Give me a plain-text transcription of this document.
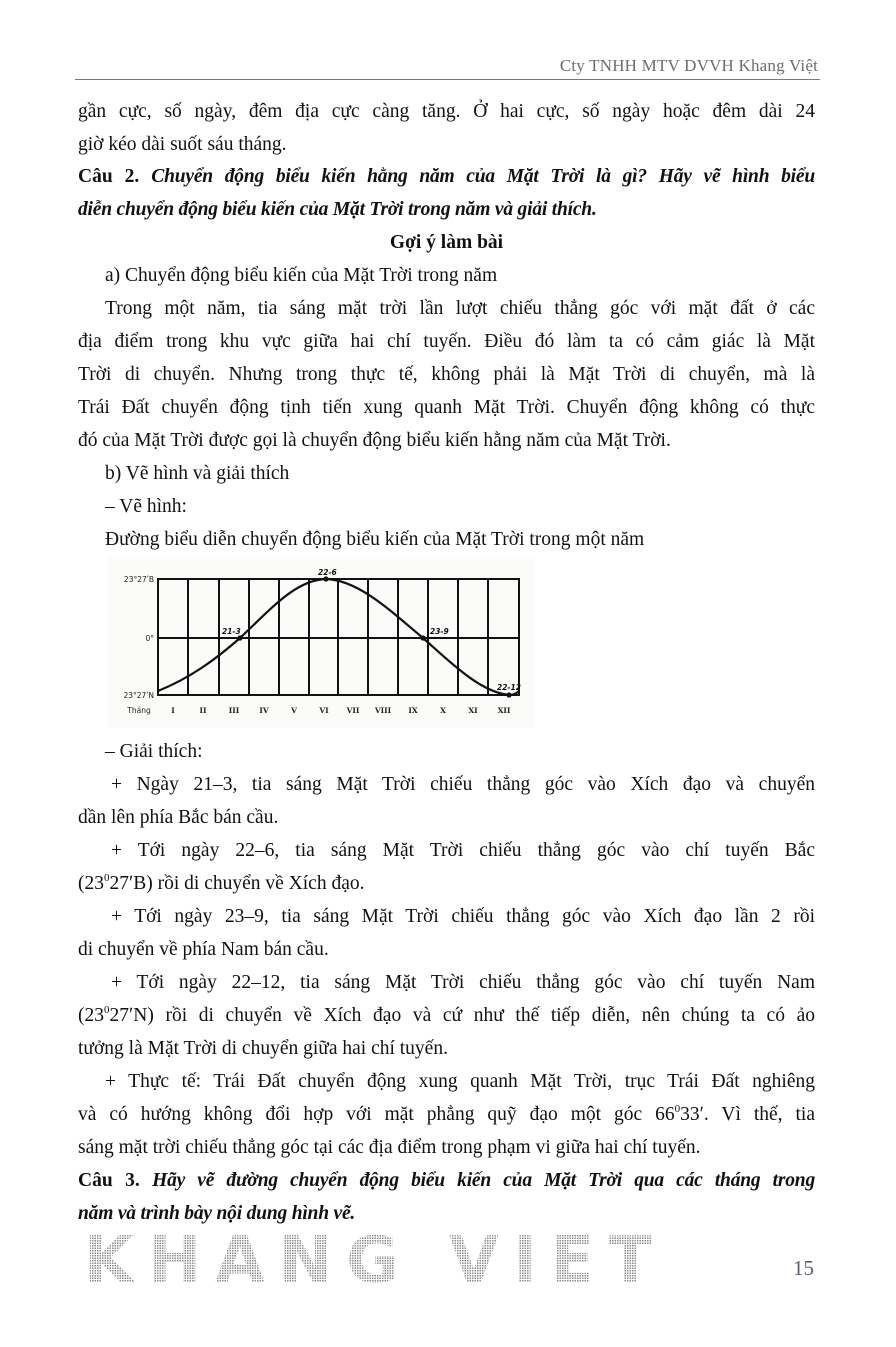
Cty TNHH MTV DVVH Khang Việt
gần cực, số ngày, đêm địa cực càng tăng. Ở hai cực, số ngày hoặc đêm dài 24
giờ kéo dài suốt sáu tháng.
Câu 2. Chuyển động biểu kiến hằng năm của Mặt Trời là gì? Hãy vẽ hình biểu
diễn chuyển động biểu kiến của Mặt Trời trong năm và giải thích.
Gợi ý làm bài
a) Chuyển động biểu kiến của Mặt Trời trong năm
Trong một năm, tia sáng mặt trời lần lượt chiếu thẳng góc với mặt đất ở các
địa điểm trong khu vực giữa hai chí tuyến. Điều đó làm ta có cảm giác là Mặt
Trời di chuyển. Nhưng trong thực tế, không phải là Mặt Trời di chuyển, mà là
Trái Đất chuyển động tịnh tiến xung quanh Mặt Trời. Chuyển động không có thực
đó của Mặt Trời được gọi là chuyển động biểu kiến hằng năm của Mặt Trời.
b) Vẽ hình và giải thích
– Vẽ hình:
Đường biểu diễn chuyển động biểu kiến của Mặt Trời trong một năm
21-3
22-6
23-9
22-12
23°27ʹB
0°
23°27ʹN
Tháng	I	II	III	IV	V	VI VII VIII IX	X	XI	XII
– Giải thích:
+ Ngày 21–3, tia sáng Mặt Trời chiếu thẳng góc vào Xích đạo và chuyển
dần lên phía Bắc bán cầu.
+ Tới ngày 22–6, tia sáng Mặt Trời chiếu thẳng góc vào chí tuyến Bắc
$(23^027ʹB)$ rồi di chuyển về Xích đạo.
+ Tới ngày 23–9, tia sáng Mặt Trời chiếu thẳng góc vào Xích đạo lần 2 rồi
di chuyển về phía Nam bán cầu.
+ Tới ngày 22–12, tia sáng Mặt Trời chiếu thẳng góc vào chí tuyến Nam
$(23^027ʹN)$ rồi di chuyển về Xích đạo và cứ như thế tiếp diễn, nên chúng ta có ảo
tưởng là Mặt Trời di chuyển giữa hai chí tuyến.
+ Thực tế: Trái Đất chuyển động xung quanh Mặt Trời, trục Trái Đất nghiêng
và có hướng không đổi hợp với mặt phẳng quỹ đạo một góc $66^033ʹ$. Vì thế, tia
sáng mặt trời chiếu thẳng góc tại các địa điểm trong phạm vi giữa hai chí tuyến.
Câu 3. Hãy vẽ đường chuyển động biểu kiến của Mặt Trời qua các tháng trong
năm và trình bày nội dung hình vẽ.
KHANG VIET	15
